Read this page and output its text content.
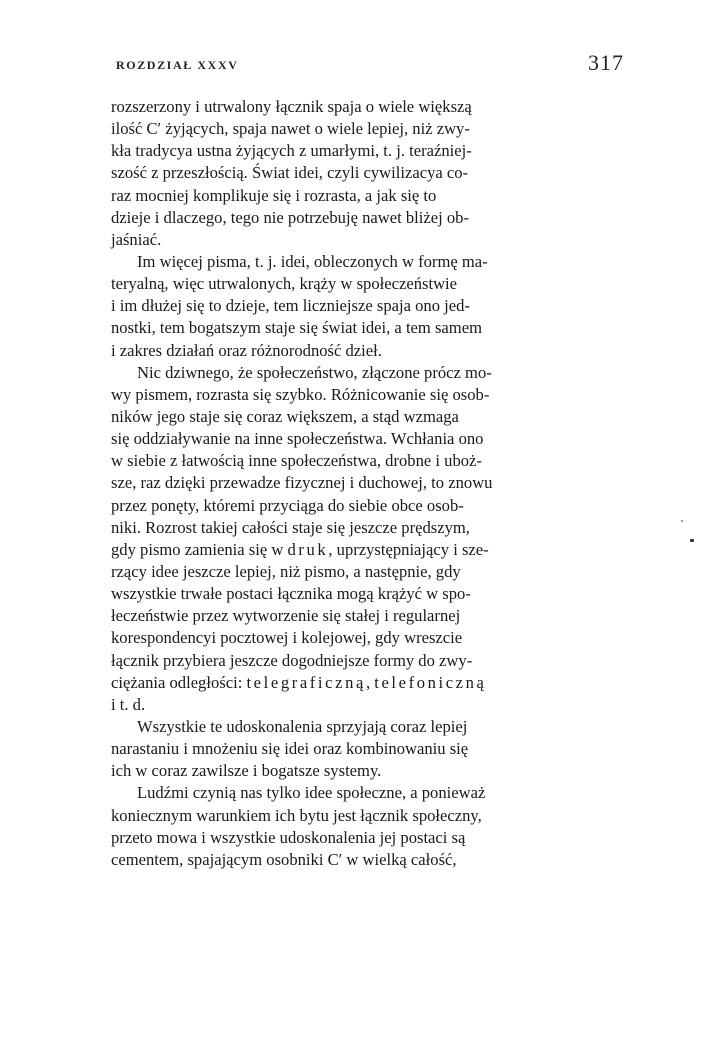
ROZDZIAŁ XXXV	317
rozszerzony i utrwalony łącznik spaja o wiele większą
ilość C′ żyjących, spaja nawet o wiele lepiej, niż zwy-
kła tradycya ustna żyjących z umarłymi, t. j. teraźniej-
szość z przeszłością. Świat idei, czyli cywilizacya co-
raz mocniej komplikuje się i rozrasta, a jak się to
dzieje i dlaczego, tego nie potrzebuję nawet bliżej ob-
jaśniać.
Im więcej pisma, t. j. idei, obleczonych w formę ma-
teryalną, więc utrwalonych, krąży w społeczeństwie
i im dłużej się to dzieje, tem liczniejsze spaja ono jed-
nostki, tem bogatszym staje się świat idei, a tem samem
i zakres działań oraz różnorodność dzieł.
Nic dziwnego, że społeczeństwo, złączone prócz mo-
wy pismem, rozrasta się szybko. Różnicowanie się osob-
ników jego staje się coraz większem, a stąd wzmaga
się oddziaływanie na inne społeczeństwa. Wchłania ono
w siebie z łatwością inne społeczeństwa, drobne i uboż-
sze, raz dzięki przewadze fizycznej i duchowej, to znowu
przez ponęty, któremi przyciąga do siebie obce osob-
niki. Rozrost takiej całości staje się jeszcze prędszym,
gdy pismo zamienia się w druk, uprzystępniający i sze-
rzący idee jeszcze lepiej, niż pismo, a następnie, gdy
wszystkie trwałe postaci łącznika mogą krążyć w spo-
łeczeństwie przez wytworzenie się stałej i regularnej
korespondencyi pocztowej i kolejowej, gdy wreszcie
łącznik przybiera jeszcze dogodniejsze formy do zwy-
ciężania odległości: telegraficzną, telefoniczną
i t. d.
Wszystkie te udoskonalenia sprzyjają coraz lepiej
narastaniu i mnożeniu się idei oraz kombinowaniu się
ich w coraz zawilsze i bogatsze systemy.
Ludźmi czynią nas tylko idee społeczne, a ponieważ
koniecznym warunkiem ich bytu jest łącznik społeczny,
przeto mowa i wszystkie udoskonalenia jej postaci są
cementem, spajającym osobniki C′ w wielką całość,
